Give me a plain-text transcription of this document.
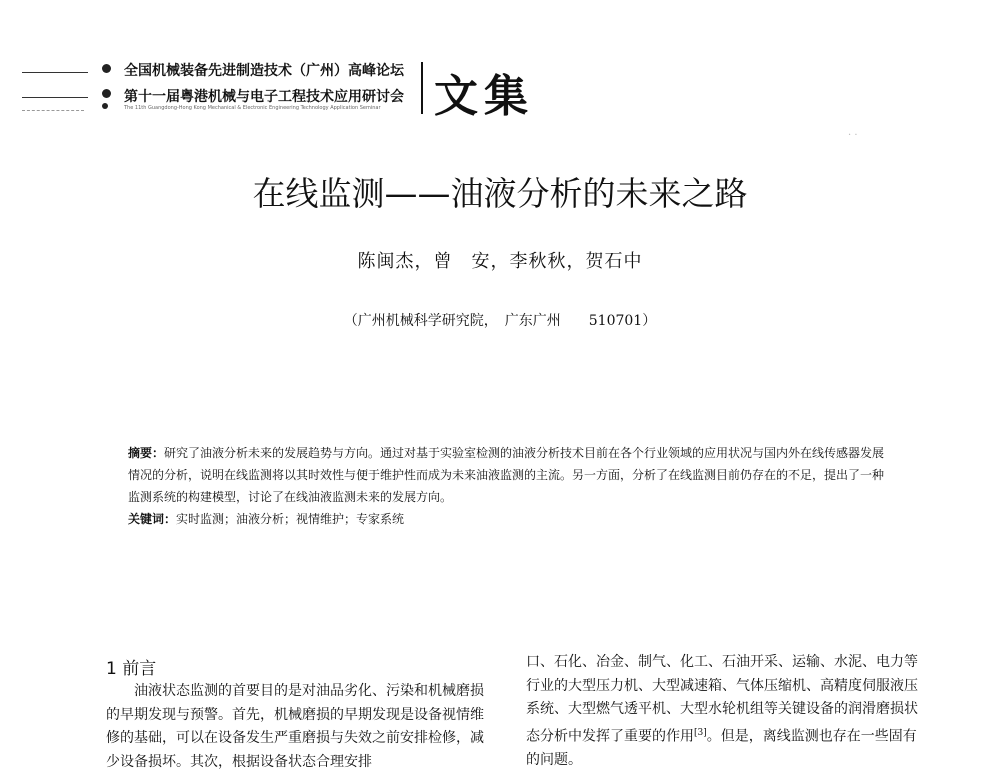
全国机械装备先进制造技术（广州）高峰论坛
第十一届粤港机械与电子工程技术应用研讨会
The 11th Guangdong-Hong Kong Mechanical & Electronic Engineering Technology Application Seminar 文集
· ·
在线监测——油液分析的未来之路
陈闽杰，曾　安，李秋秋，贺石中
（广州机械科学研究院，　广东广州　　510701）
摘要：研究了油液分析未来的发展趋势与方向。通过对基于实验室检测的油液分析技术目前在各个行业领域的应用状况与国内外在线传感器发展情况的分析，说明在线监测将以其时效性与便于维护性而成为未来油液监测的主流。另一方面，分析了在线监测目前仍存在的不足，提出了一种监测系统的构建模型，讨论了在线油液监测未来的发展方向。
关键词：实时监测；油液分析；视情维护；专家系统
1 前言
油液状态监测的首要目的是对油品劣化、污染和机械磨损的早期发现与预警。首先，机械磨损的早期发现是设备视情维修的基础，可以在设备发生严重磨损与失效之前安排检修，减少设备损坏。其次，根据设备状态合理安排
口、石化、冶金、制气、化工、石油开采、运输、水泥、电力等行业的大型压力机、大型减速箱、气体压缩机、高精度伺服液压系统、大型燃气透平机、大型水轮机组等关键设备的润滑磨损状态分析中发挥了重要的作用[3]。但是，离线监测也存在一些固有的问题。
